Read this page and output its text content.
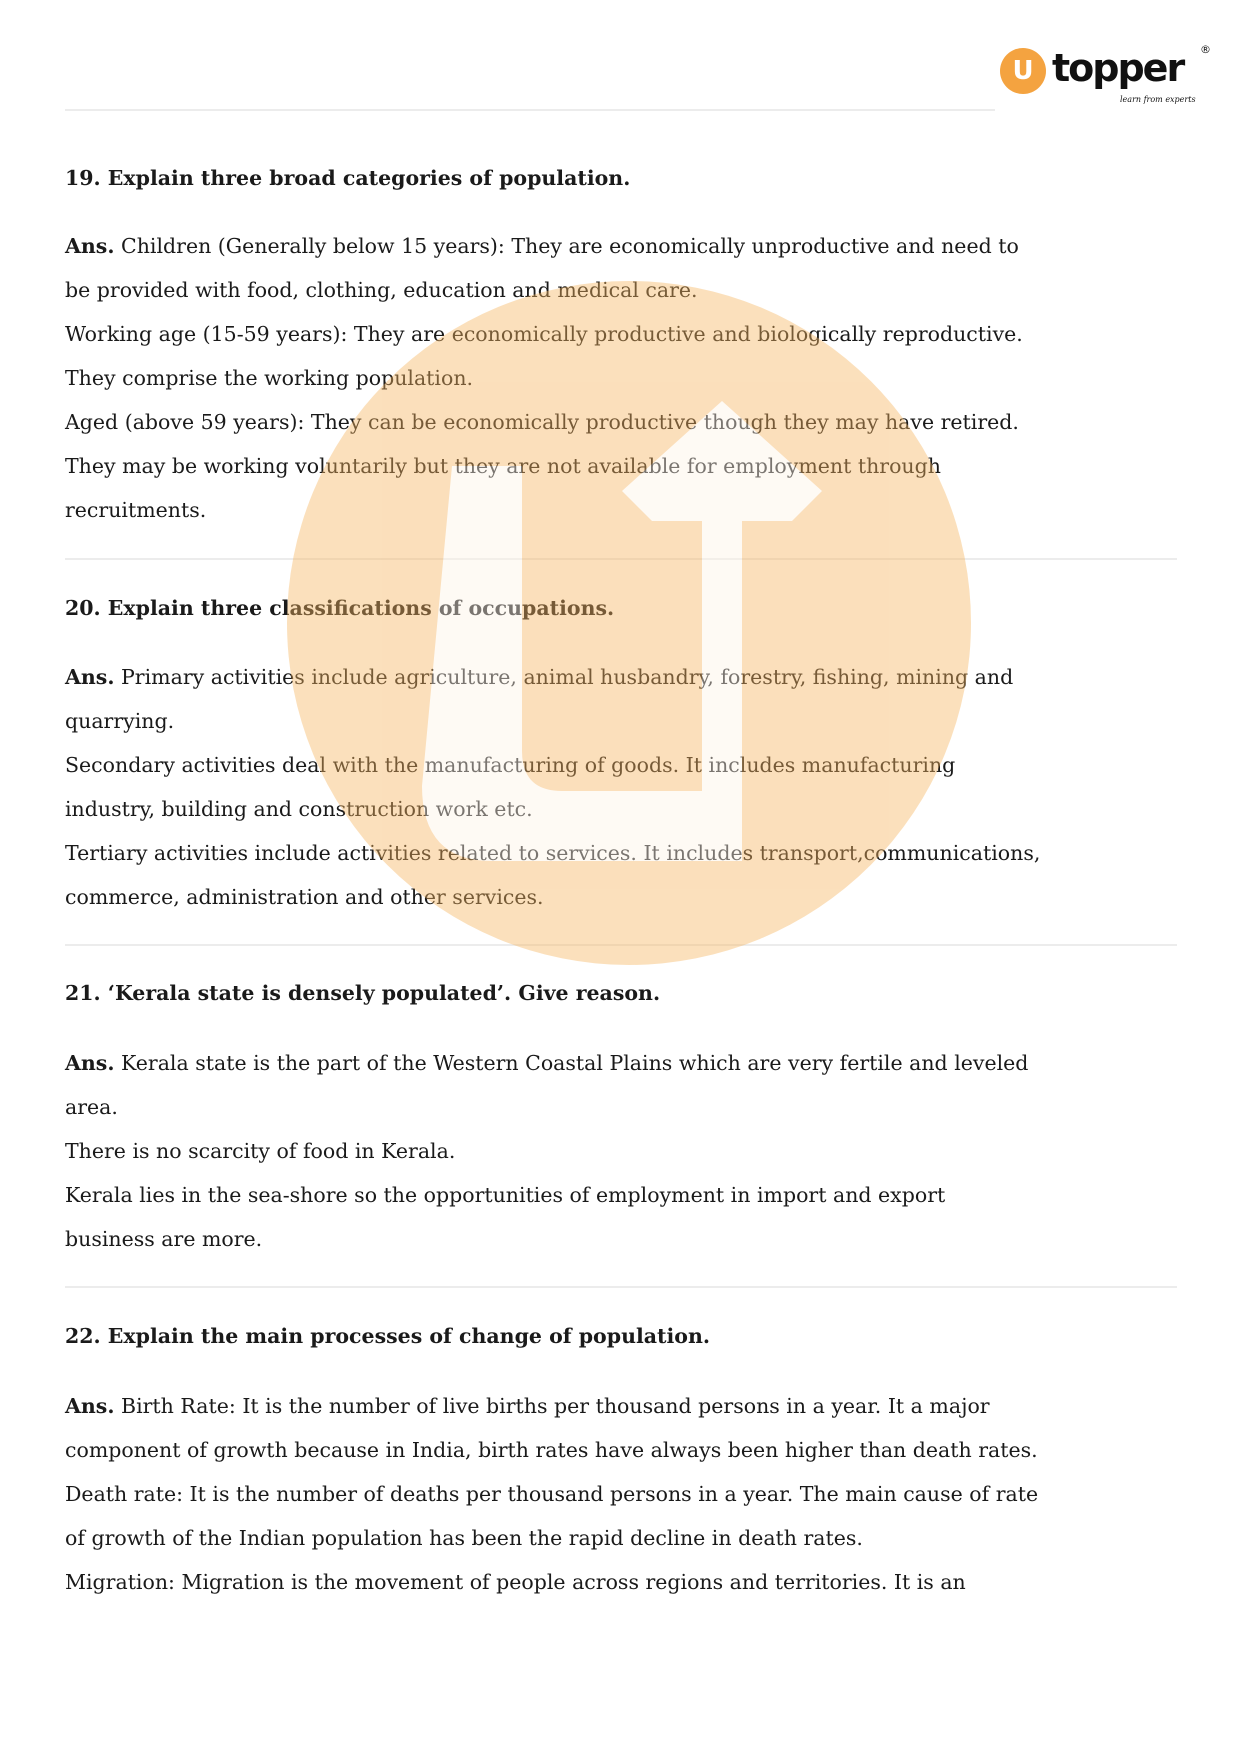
U topper ®
learn from experts
19. Explain three broad categories of population.
Ans. Children (Generally below 15 years): They are economically unproductive and need to
be provided with food, clothing, education and medical care.
Working age (15-59 years): They are economically productive and biologically reproductive.
They comprise the working population.
Aged (above 59 years): They can be economically productive though they may have retired.
They may be working voluntarily but they are not available for employment through
recruitments.
20. Explain three classifications of occupations.
Ans. Primary activities include agriculture, animal husbandry, forestry, fishing, mining and
quarrying.
Secondary activities deal with the manufacturing of goods. It includes manufacturing
industry, building and construction work etc.
Tertiary activities include activities related to services. It includes transport,communications,
commerce, administration and other services.
21. ‘Kerala state is densely populated’. Give reason.
Ans. Kerala state is the part of the Western Coastal Plains which are very fertile and leveled
area.
There is no scarcity of food in Kerala.
Kerala lies in the sea-shore so the opportunities of employment in import and export
business are more.
22. Explain the main processes of change of population.
Ans. Birth Rate: It is the number of live births per thousand persons in a year. It a major
component of growth because in India, birth rates have always been higher than death rates.
Death rate: It is the number of deaths per thousand persons in a year. The main cause of rate
of growth of the Indian population has been the rapid decline in death rates.
Migration: Migration is the movement of people across regions and territories. It is an
